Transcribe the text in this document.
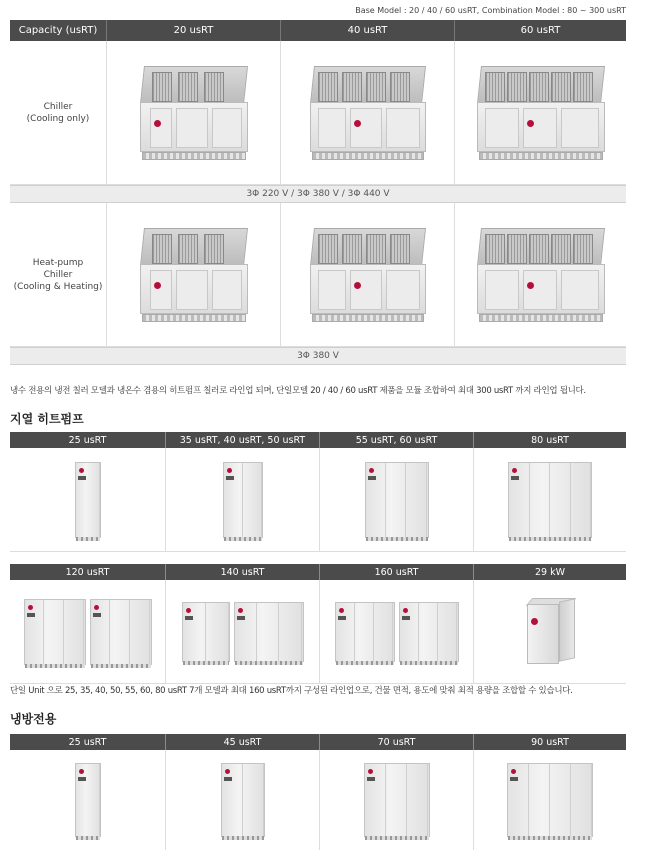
Base Model : 20 / 40 / 60 usRT, Combination Model : 80 ~ 300 usRT
Capacity (usRT)	20 usRT	40 usRT	60 usRT
Chiller
(Cooling only)
3Φ 220 V / 3Φ 380 V / 3Φ 440 V
Heat-pump
Chiller
(Cooling & Heating)
3Φ 380 V
냉수 전용의 냉전 칠러 모델과 냉온수 겸용의 히트펌프 칠러로 라인업 되며, 단일모델 20 / 40 / 60 usRT 제품을 모듈 조합하여 최대 300 usRT 까지 라인업 됩니다.
지열 히트펌프
25 usRT	35 usRT, 40 usRT, 50 usRT	55 usRT, 60 usRT	80 usRT
120 usRT	140 usRT	160 usRT	29 kW
단일 Unit 으로 25, 35, 40, 50, 55, 60, 80 usRT 7개 모델과 최대 160 usRT까지 구성된 라인업으로, 건물 면적, 용도에 맞춰 최적 용량을 조합할 수 있습니다.
냉방전용
25 usRT	45 usRT	70 usRT	90 usRT
